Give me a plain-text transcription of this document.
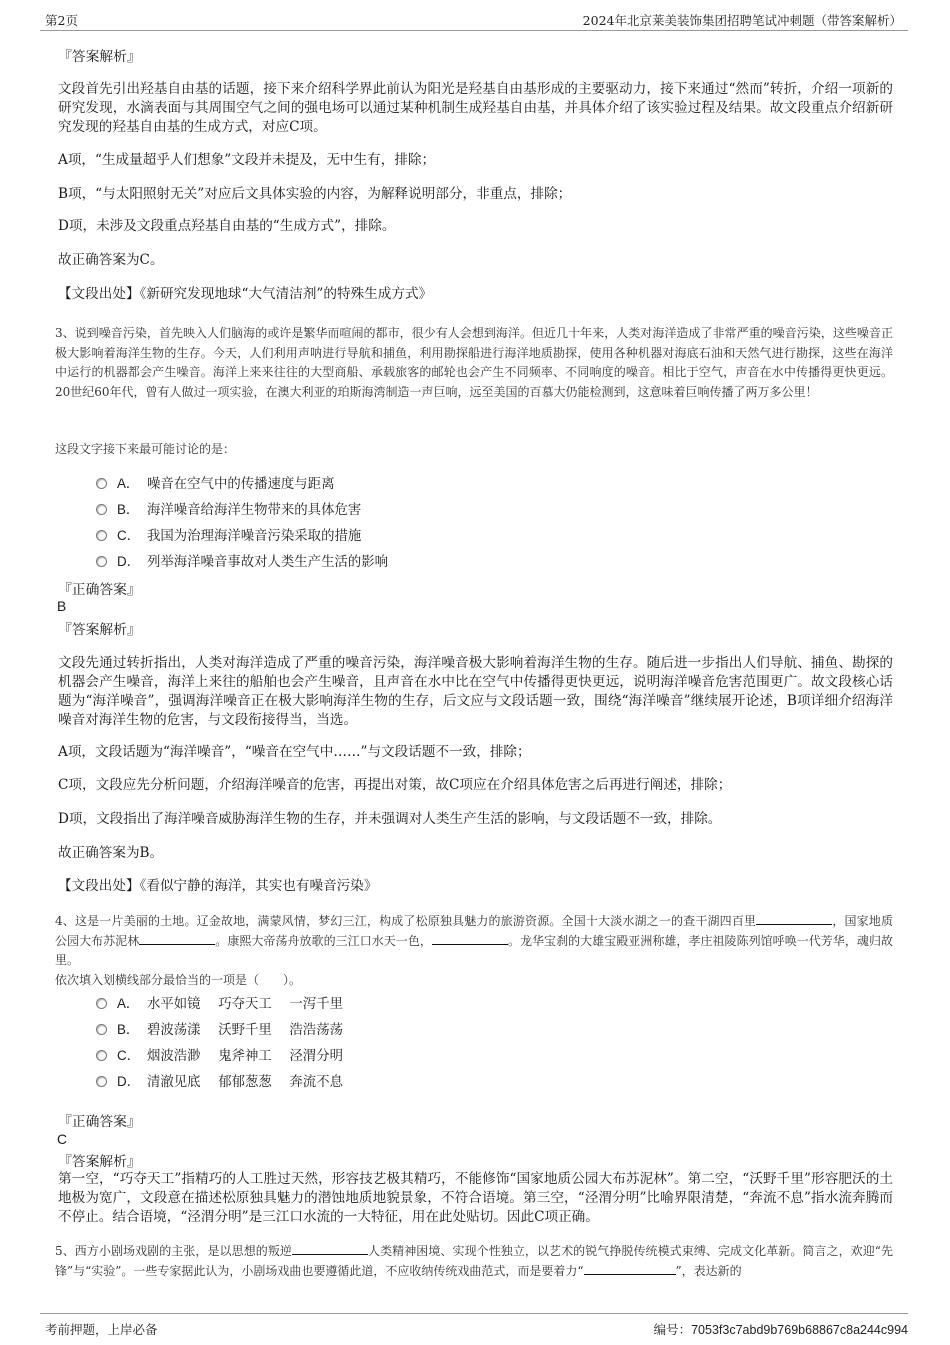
第2页	2024年北京莱美装饰集团招聘笔试冲刺题（带答案解析）

『答案解析』

文段首先引出羟基自由基的话题，接下来介绍科学界此前认为阳光是羟基自由基形成的主要驱动力，接下来通过“然而”转折，介绍一项新的研究发现，水滴表面与其周围空气之间的强电场可以通过某种机制生成羟基自由基，并具体介绍了该实验过程及结果。故文段重点介绍新研究发现的羟基自由基的生成方式，对应C项。

A项，“生成量超乎人们想象”文段并未提及，无中生有，排除；

B项，“与太阳照射无关”对应后文具体实验的内容，为解释说明部分，非重点，排除；

D项，未涉及文段重点羟基自由基的“生成方式”，排除。

故正确答案为C。

【文段出处】《新研究发现地球“大气清洁剂”的特殊生成方式》

3、说到噪音污染，首先映入人们脑海的或许是繁华而喧闹的都市，很少有人会想到海洋。但近几十年来，人类对海洋造成了非常严重的噪音污染，这些噪音正极大影响着海洋生物的生存。今天，人们利用声呐进行导航和捕鱼，利用勘探船进行海洋地质勘探，使用各种机器对海底石油和天然气进行勘探，这些在海洋中运行的机器都会产生噪音。海洋上来来往往的大型商船、承载旅客的邮轮也会产生不同频率、不同响度的噪音。相比于空气，声音在水中传播得更快更远。20世纪60年代，曾有人做过一项实验，在澳大利亚的珀斯海湾制造一声巨响，远至美国的百慕大仍能检测到，这意味着巨响传播了两万多公里！

这段文字接下来最可能讨论的是：

A． 噪音在空气中的传播速度与距离

B． 海洋噪音给海洋生物带来的具体危害

C． 我国为治理海洋噪音污染采取的措施

D． 列举海洋噪音事故对人类生产生活的影响

『正确答案』

B

『答案解析』

文段先通过转折指出，人类对海洋造成了严重的噪音污染，海洋噪音极大影响着海洋生物的生存。随后进一步指出人们导航、捕鱼、勘探的机器会产生噪音，海洋上来往的船舶也会产生噪音，且声音在水中比在空气中传播得更快更远，说明海洋噪音危害范围更广。故文段核心话题为“海洋噪音”，强调海洋噪音正在极大影响海洋生物的生存，后文应与文段话题一致，围绕“海洋噪音”继续展开论述，B项详细介绍海洋噪音对海洋生物的危害，与文段衔接得当，当选。

A项，文段话题为“海洋噪音”，“噪音在空气中……”与文段话题不一致，排除；

C项，文段应先分析问题，介绍海洋噪音的危害，再提出对策，故C项应在介绍具体危害之后再进行阐述，排除；

D项，文段指出了海洋噪音威胁海洋生物的生存，并未强调对人类生产生活的影响，与文段话题不一致，排除。

故正确答案为B。

【文段出处】《看似宁静的海洋，其实也有噪音污染》

4、这是一片美丽的土地。辽金故地，满蒙风情，梦幻三江，构成了松原独具魅力的旅游资源。全国十大淡水湖之一的查干湖四百里	，国家地质公园大布苏泥林	。康熙大帝荡舟放歌的三江口水天一色，	。龙华宝刹的大雄宝殿亚洲称雄，孝庄祖陵陈列馆呼唤一代芳华，魂归故里。

依次填入划横线部分最恰当的一项是（　　）。

A． 水平如镜　 巧夺天工　 一泻千里

B． 碧波荡漾　 沃野千里　 浩浩荡荡

C． 烟波浩渺　 鬼斧神工　 泾渭分明

D． 清澈见底　 郁郁葱葱　 奔流不息

『正确答案』

C

『答案解析』

第一空，“巧夺天工”指精巧的人工胜过天然，形容技艺极其精巧，不能修饰“国家地质公园大布苏泥林”。第二空，“沃野千里”形容肥沃的土地极为宽广，文段意在描述松原独具魅力的潜蚀地质地貌景象，不符合语境。第三空，“泾渭分明”比喻界限清楚，“奔流不息”指水流奔腾而不停止。结合语境，“泾渭分明”是三江口水流的一大特征，用在此处贴切。因此C项正确。

5、西方小剧场戏剧的主张，是以思想的叛逆	人类精神困境、实现个性独立，以艺术的锐气挣脱传统模式束缚、完成文化革新。简言之，欢迎“先锋”与“实验”。一些专家据此认为，小剧场戏曲也要遵循此道，不应收纳传统戏曲范式，而是要着力“	”，表达新的

考前押题，上岸必备	编号：7053f3c7abd9b769b68867c8a244c994
